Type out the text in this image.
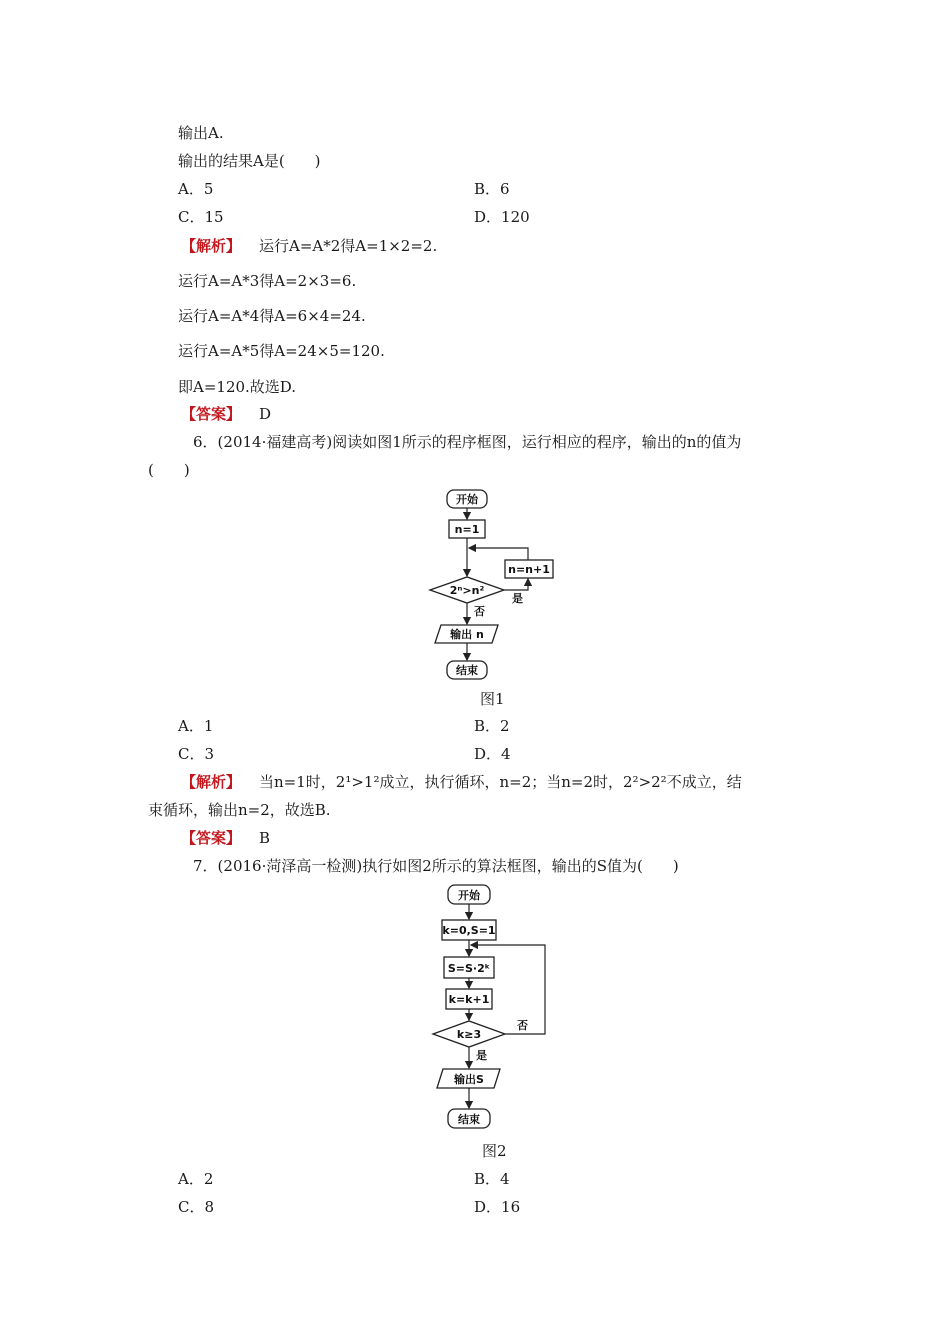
输出A.
输出的结果A是(　　)
A．5	B．6
C．15	D．120
【解析】 运行A=A*2得A=1×2=2.
运行A=A*3得A=2×3=6.
运行A=A*4得A=6×4=24.
运行A=A*5得A=24×5=120.
即A=120.故选D.
【答案】 D
6．(2014·福建高考)阅读如图1所示的程序框图，运行相应的程序，输出的n的值为
(　　)
开始
n=1
2ⁿ>n²
是
n=n+1
否
输出 n
结束
图1
A．1	B．2
C．3	D．4
【解析】 当n=1时，2¹>1²成立，执行循环，n=2；当n=2时，2²>2²不成立，结
束循环，输出n=2，故选B.
【答案】 B
7．(2016·菏泽高一检测)执行如图2所示的算法框图，输出的S值为(　　)
开始
k=0,S=1
S=S·2ᵏ
k=k+1
k≥3
否
是
输出S
结束
图2
A．2	B．4
C．8	D．16
